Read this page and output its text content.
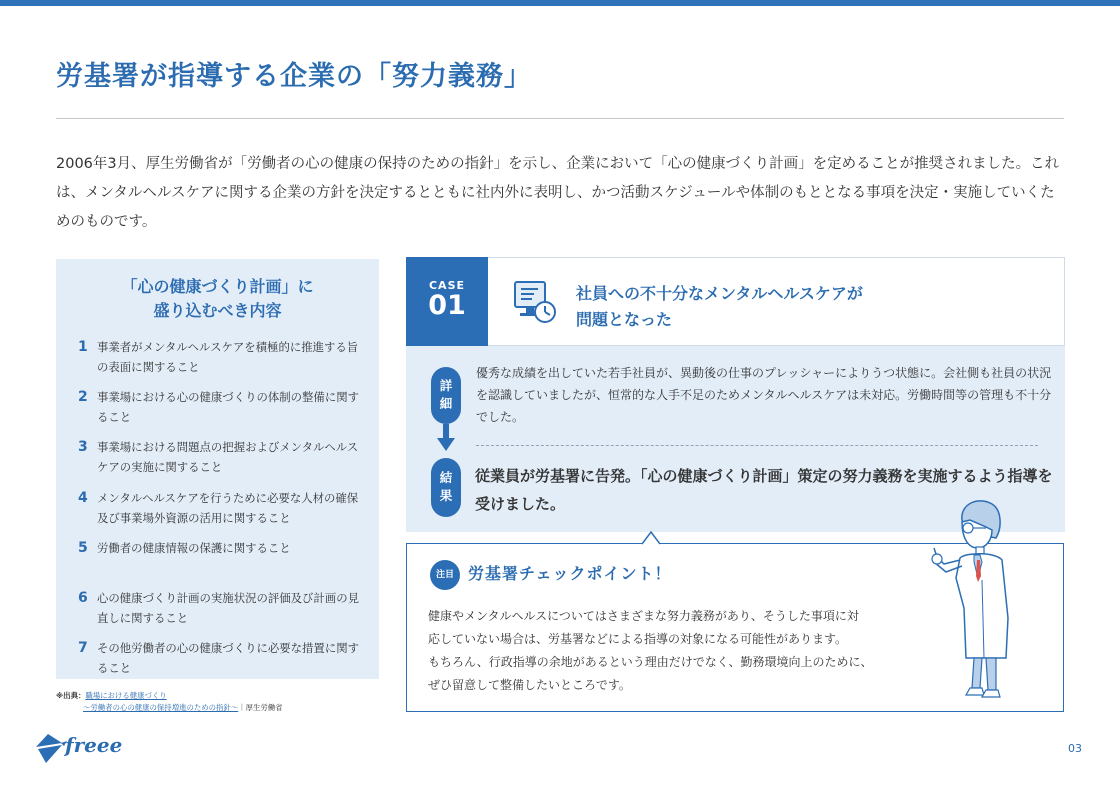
労基署が指導する企業の「努力義務」

2006年3月、厚生労働省が「労働者の心の健康の保持のための指針」を示し、企業において「心の健康づくり計画」を定めることが推奨されました。これは、メンタルヘルスケアに関する企業の方針を決定するとともに社内外に表明し、かつ活動スケジュールや体制のもととなる事項を決定・実施していくためのものです。

「心の健康づくり計画」に
盛り込むべき内容
1 事業者がメンタルヘルスケアを積極的に推進する旨の表面に関すること
2 事業場における心の健康づくりの体制の整備に関すること
3 事業場における問題点の把握およびメンタルヘルスケアの実施に関すること
4 メンタルヘルスケアを行うために必要な人材の確保及び事業場外資源の活用に関すること
5 労働者の健康情報の保護に関すること
6 心の健康づくり計画の実施状況の評価及び計画の見直しに関すること
7 その他労働者の心の健康づくりに必要な措置に関すること
※出典：職場における健康づくり
〜労働者の心の健康の保持増進のための指針〜｜厚生労働省
freee	03
CASE
01	社員への不十分なメンタルヘルスケアが
問題となった
詳
細
結
果

優秀な成績を出していた若手社員が、異動後の仕事のプレッシャーによりうつ状態に。会社側も社員の状況を認識していましたが、恒常的な人手不足のためメンタルヘルスケアは未対応。労働時間等の管理も不十分でした。

従業員が労基署に告発。「心の健康づくり計画」策定の努力義務を実施するよう指導を受けました。

注目 労基署チェックポイント！
健康やメンタルヘルスについてはさまざまな努力義務があり、そうした事項に対
応していない場合は、労基署などによる指導の対象になる可能性があります。
もちろん、行政指導の余地があるという理由だけでなく、勤務環境向上のために、
ぜひ留意して整備したいところです。
